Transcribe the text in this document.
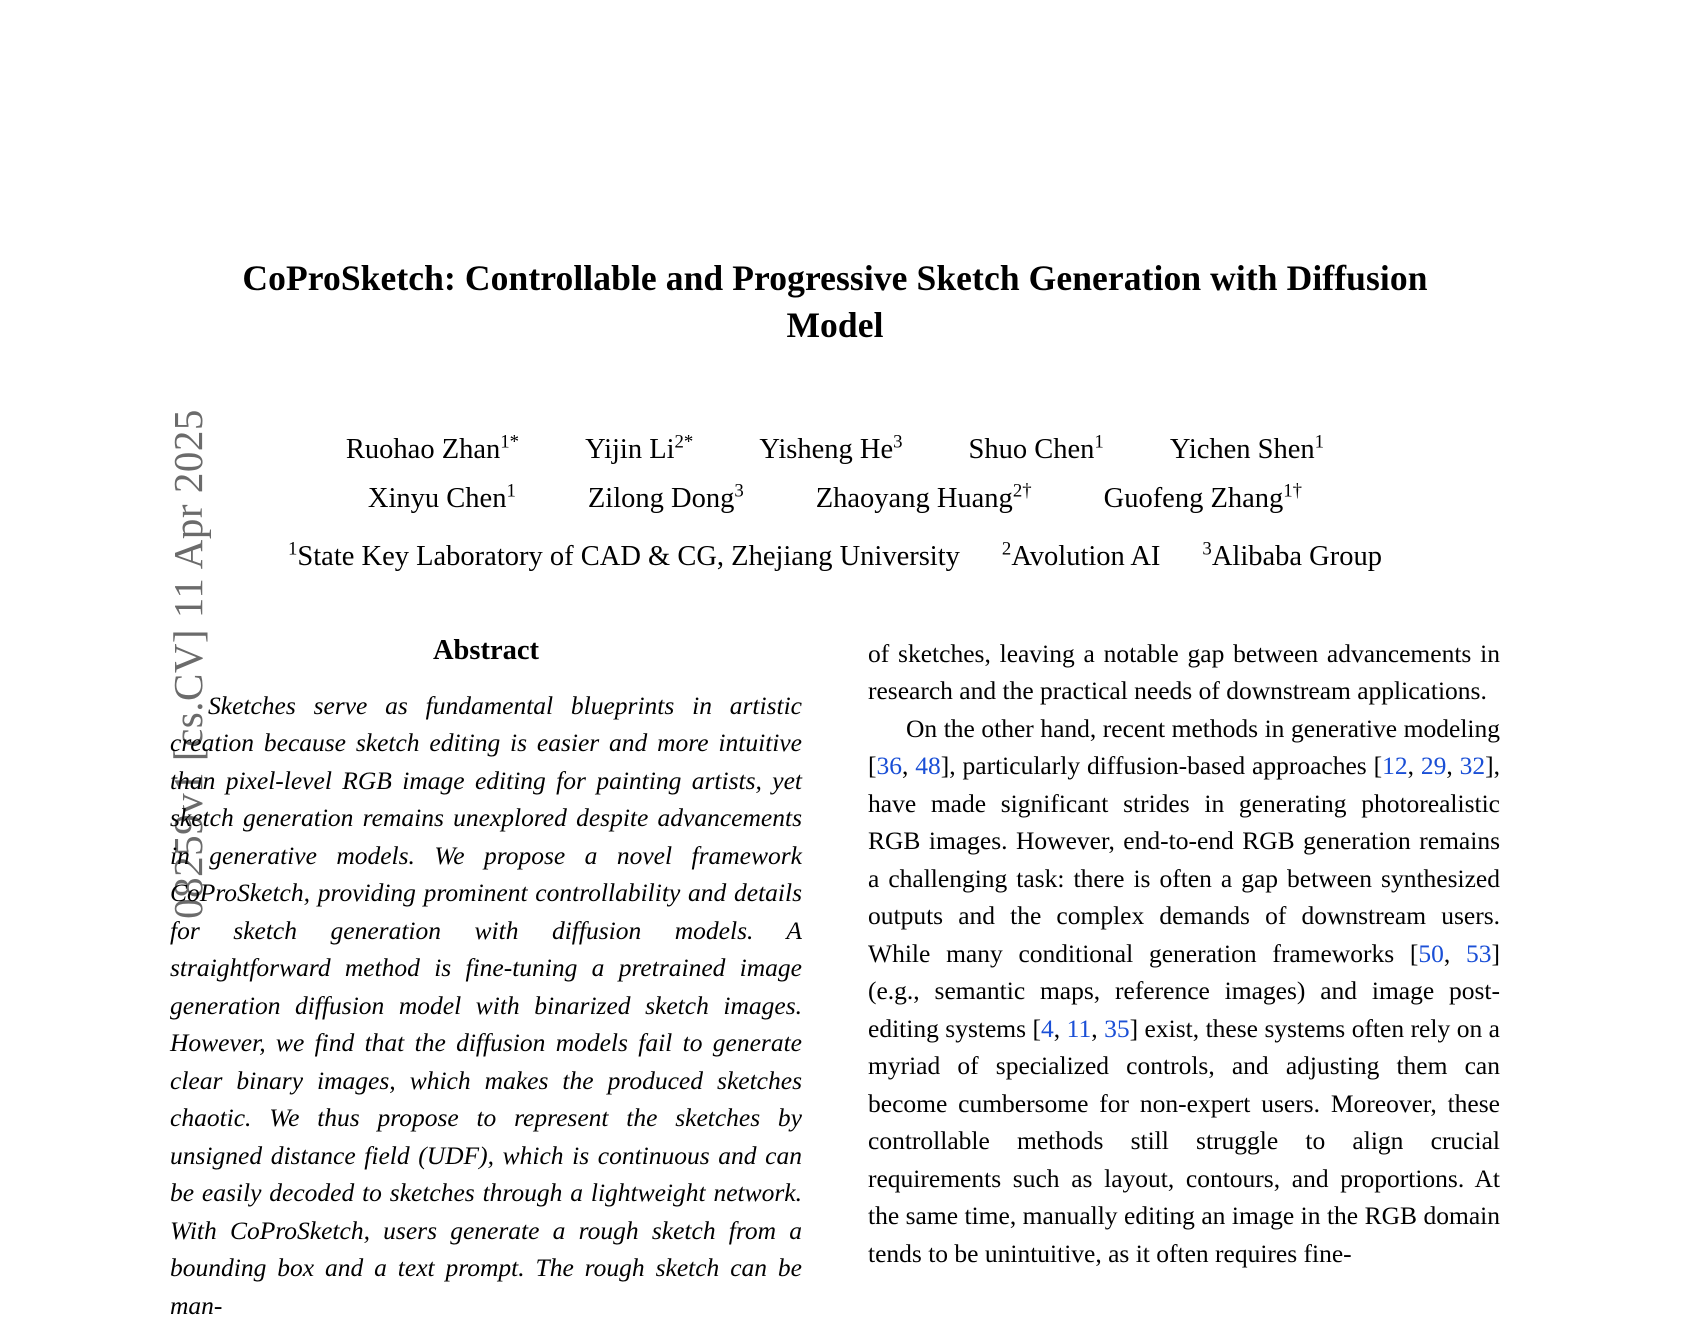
08259v1 [cs.CV] 11 Apr 2025
CoProSketch: Controllable and Progressive Sketch Generation with Diffusion Model
Ruohao Zhan$^{1*}$ Yijin $Li^{2*}$ Yisheng He$^3$ Shuo Chen$^1$ Yichen Shen$^1$
Xinyu Chen$^1$	Zilong Dong$^3$	Zhaoyang Huang$^{2\dagger}$	Guofeng Zhang$^{1\dagger}$
$^1$State Key Laboratory of CAD & CG, Zhejiang University $^2$Avolution AI $^3$Alibaba Group
Abstract
Sketches serve as fundamental blueprints in artistic creation because sketch editing is easier and more intuitive than pixel-level RGB image editing for painting artists, yet sketch generation remains unexplored despite advancements in generative models. We propose a novel framework CoProSketch, providing prominent controllability and details for sketch generation with diffusion models. A straightforward method is fine-tuning a pretrained image generation diffusion model with binarized sketch images. However, we find that the diffusion models fail to generate clear binary images, which makes the produced sketches chaotic. We thus propose to represent the sketches by unsigned distance field (UDF), which is continuous and can be easily decoded to sketches through a lightweight network. With CoProSketch, users generate a rough sketch from a bounding box and a text prompt. The rough sketch can be man-

of sketches, leaving a notable gap between advancements in research and the practical needs of downstream applications.

On the other hand, recent methods in generative modeling [36, 48], particularly diffusion-based approaches [12, 29, 32], have made significant strides in generating photorealistic RGB images. However, end-to-end RGB generation remains a challenging task: there is often a gap between synthesized outputs and the complex demands of downstream users. While many conditional generation frameworks [50, 53] (e.g., semantic maps, reference images) and image post-editing systems [4, 11, 35] exist, these systems often rely on a myriad of specialized controls, and adjusting them can become cumbersome for non-expert users. Moreover, these controllable methods still struggle to align crucial requirements such as layout, contours, and proportions. At the same time, manually editing an image in the RGB domain tends to be unintuitive, as it often requires fine-
